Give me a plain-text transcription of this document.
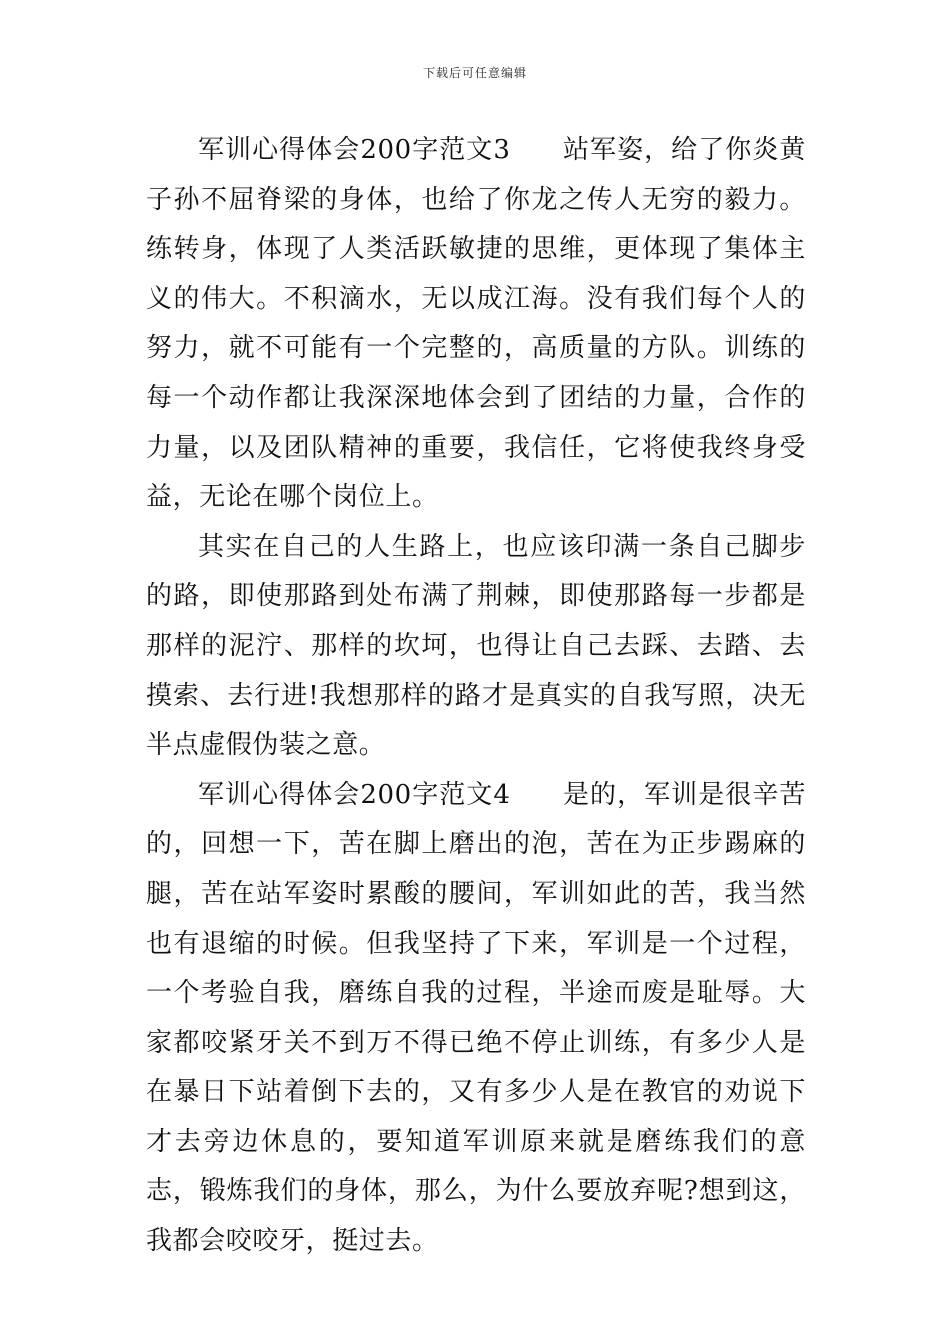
下载后可任意编辑

军训心得体会200字范文3 站军姿，给了你炎黄子孙不屈脊梁的身体，也给了你龙之传人无穷的毅力。练转身，体现了人类活跃敏捷的思维，更体现了集体主义的伟大。不积滴水，无以成江海。没有我们每个人的努力，就不可能有一个完整的，高质量的方队。训练的每一个动作都让我深深地体会到了团结的力量，合作的力量，以及团队精神的重要，我信任，它将使我终身受益，无论在哪个岗位上。

其实在自己的人生路上，也应该印满一条自己脚步的路，即使那路到处布满了荆棘，即使那路每一步都是那样的泥泞、那样的坎坷，也得让自己去踩、去踏、去摸索、去行进!我想那样的路才是真实的自我写照，决无半点虚假伪装之意。

军训心得体会200字范文4 是的，军训是很辛苦的，回想一下，苦在脚上磨出的泡，苦在为正步踢麻的腿，苦在站军姿时累酸的腰间，军训如此的苦，我当然也有退缩的时候。但我坚持了下来，军训是一个过程，一个考验自我，磨练自我的过程，半途而废是耻辱。大家都咬紧牙关不到万不得已绝不停止训练，有多少人是在暴日下站着倒下去的，又有多少人是在教官的劝说下才去旁边休息的，要知道军训原来就是磨练我们的意志，锻炼我们的身体，那么，为什么要放弃呢?想到这，我都会咬咬牙，挺过去。
